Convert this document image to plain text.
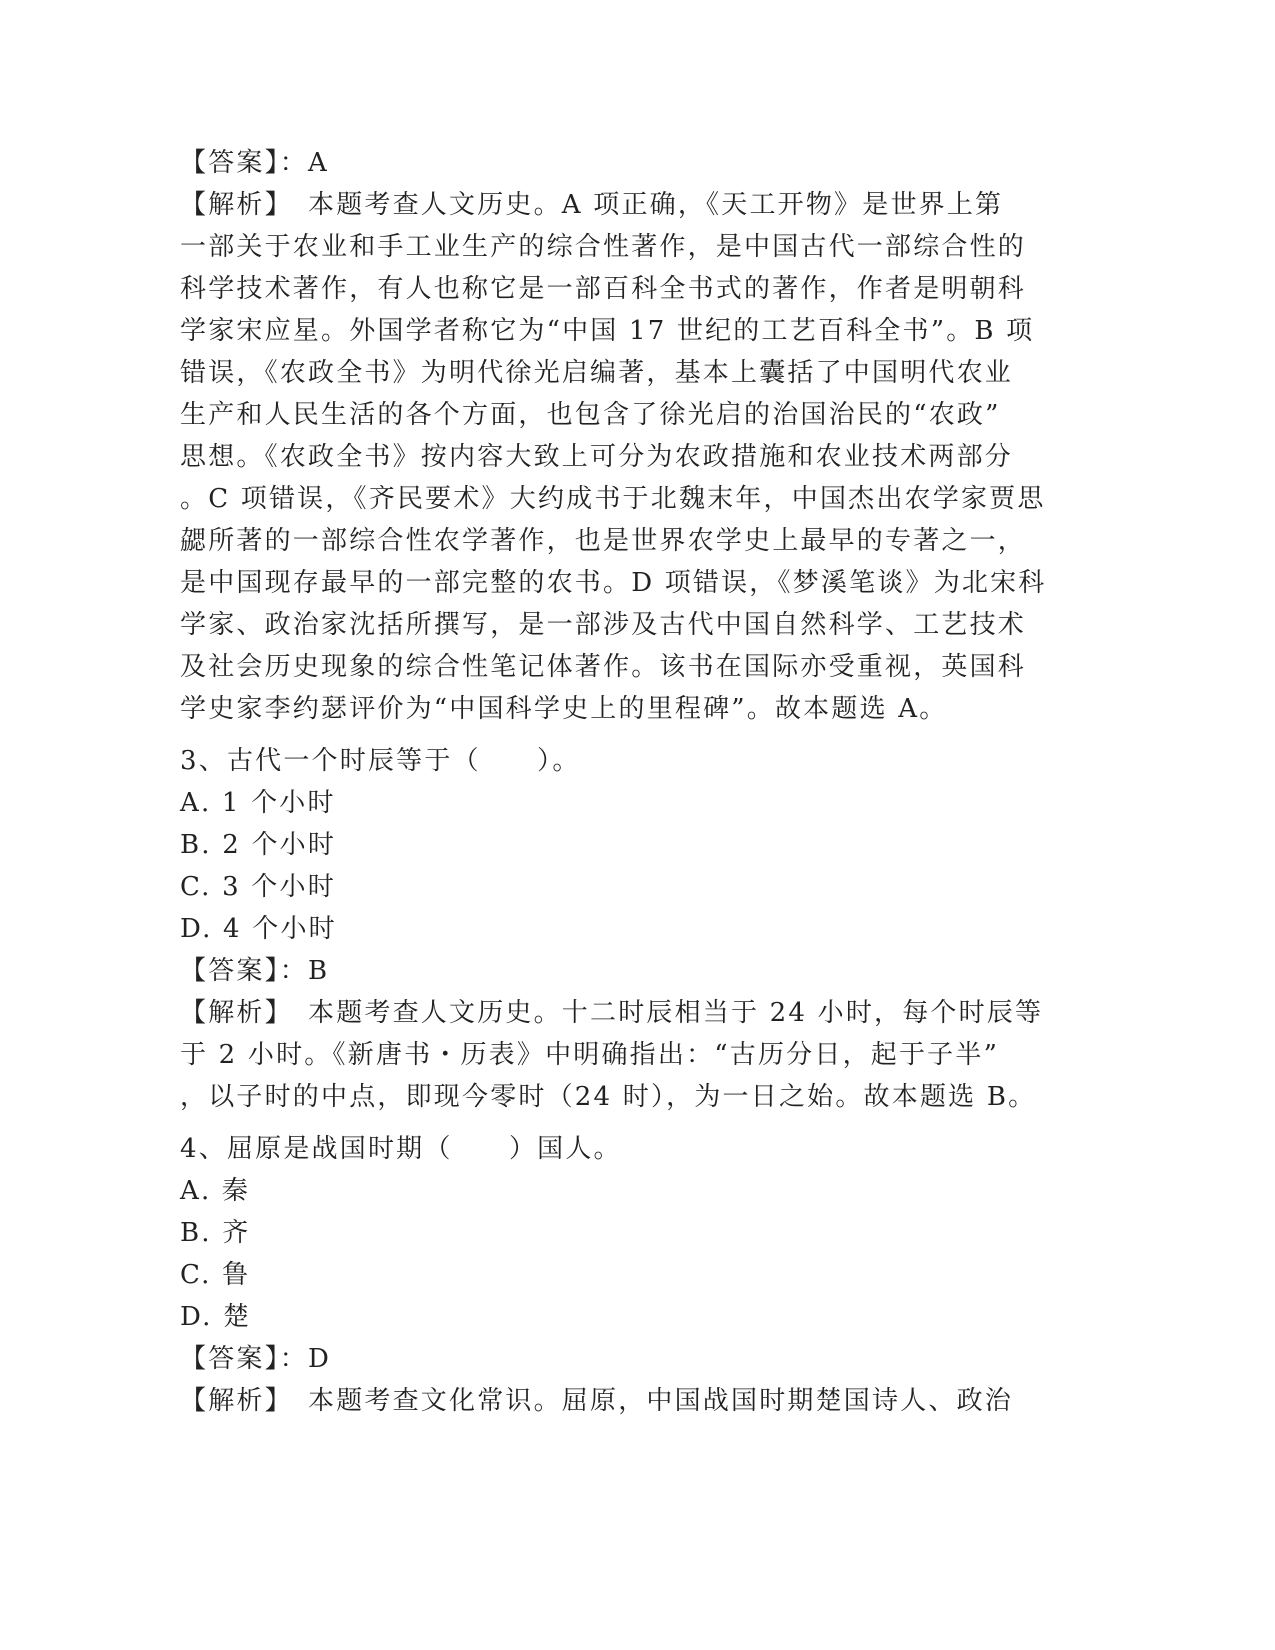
【答案】：A
【解析】　本题考查人文历史。A 项正确，《天工开物》是世界上第
一部关于农业和手工业生产的综合性著作，是中国古代一部综合性的
科学技术著作，有人也称它是一部百科全书式的著作，作者是明朝科
学家宋应星。外国学者称它为“中国 17 世纪的工艺百科全书”。B 项
错误，《农政全书》为明代徐光启编著，基本上囊括了中国明代农业
生产和人民生活的各个方面，也包含了徐光启的治国治民的“农政”
思想。《农政全书》按内容大致上可分为农政措施和农业技术两部分
。C 项错误，《齐民要术》大约成书于北魏末年，中国杰出农学家贾思
勰所著的一部综合性农学著作，也是世界农学史上最早的专著之一，
是中国现存最早的一部完整的农书。D 项错误，《梦溪笔谈》为北宋科
学家、政治家沈括所撰写，是一部涉及古代中国自然科学、工艺技术
及社会历史现象的综合性笔记体著作。该书在国际亦受重视，英国科
学史家李约瑟评价为“中国科学史上的里程碑”。故本题选 A。
3、古代一个时辰等于（　　）。
A. 1 个小时
B. 2 个小时
C. 3 个小时
D. 4 个小时
【答案】：B
【解析】　本题考查人文历史。十二时辰相当于 24 小时，每个时辰等
于 2 小时。《新唐书・历表》中明确指出：“古历分日，起于子半”
，以子时的中点，即现今零时（24 时），为一日之始。故本题选 B。
4、屈原是战国时期（　　）国人。
A. 秦
B. 齐
C. 鲁
D. 楚
【答案】：D
【解析】　本题考查文化常识。屈原，中国战国时期楚国诗人、政治
